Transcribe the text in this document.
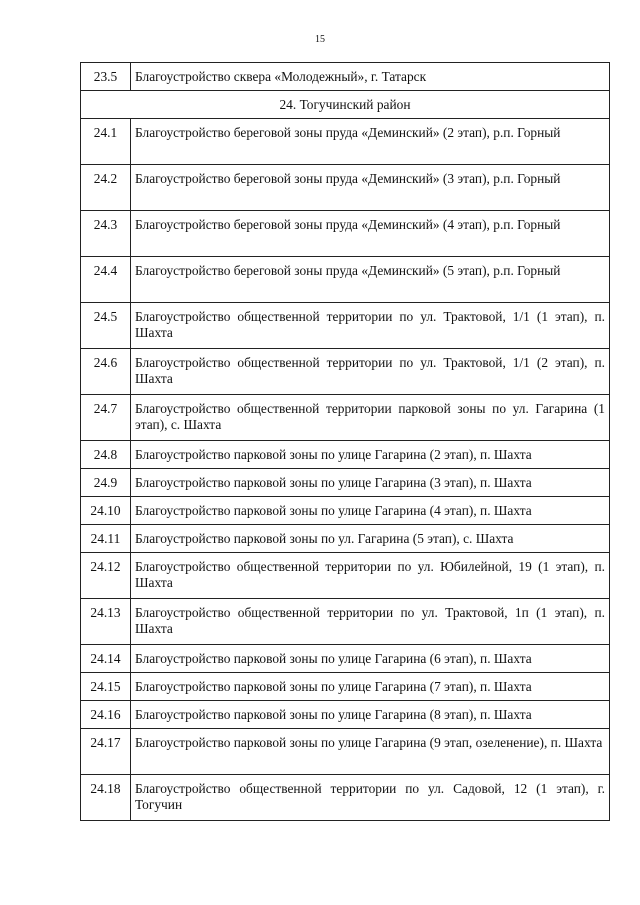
15
23.5	Благоустройство сквера «Молодежный», г. Татарск

24. Тогучинский район	
24.1	Благоустройство береговой зоны пруда «Деминский» (2 этап), р.п. Горный

24.2	Благоустройство береговой зоны пруда «Деминский» (3 этап), р.п. Горный

24.3	Благоустройство береговой зоны пруда «Деминский» (4 этап), р.п. Горный

24.4	Благоустройство береговой зоны пруда «Деминский» (5 этап), р.п. Горный

24.5	Благоустройство общественной территории по ул. Трактовой, 1/1 (1 этап), п. Шахта

24.6	Благоустройство общественной территории по ул. Трактовой, 1/1 (2 этап), п. Шахта

24.7	Благоустройство общественной территории парковой зоны по ул. Гагарина (1 этап), с. Шахта

24.8	Благоустройство парковой зоны по улице Гагарина (2 этап), п. Шахта

24.9	Благоустройство парковой зоны по улице Гагарина (3 этап), п. Шахта

24.10	Благоустройство парковой зоны по улице Гагарина (4 этап), п. Шахта

24.11	Благоустройство парковой зоны по ул. Гагарина (5 этап), с. Шахта

24.12	Благоустройство общественной территории по ул. Юбилейной, 19 (1 этап), п. Шахта

24.13	Благоустройство общественной территории по ул. Трактовой, 1п (1 этап), п. Шахта

24.14	Благоустройство парковой зоны по улице Гагарина (6 этап), п. Шахта

24.15	Благоустройство парковой зоны по улице Гагарина (7 этап), п. Шахта

24.16	Благоустройство парковой зоны по улице Гагарина (8 этап), п. Шахта

24.17	Благоустройство парковой зоны по улице Гагарина (9 этап, озеленение), п. Шахта

24.18	Благоустройство общественной территории по ул. Садовой, 12 (1 этап), г. Тогучин
